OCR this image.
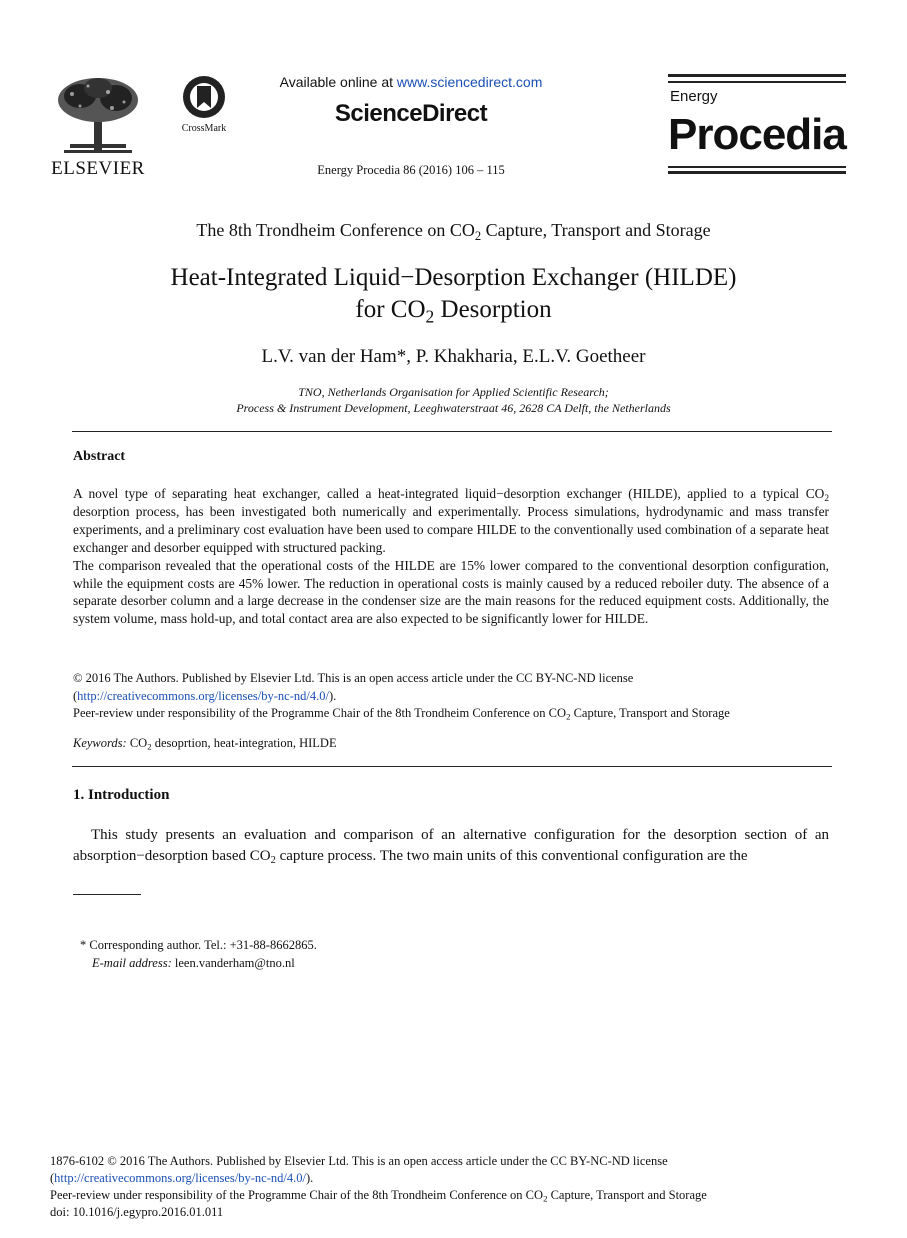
ELSEVIER
CrossMark
Available online at www.sciencedirect.com
ScienceDirect
Energy Procedia 86 (2016) 106 – 115
Energy
Procedia
The 8th Trondheim Conference on $CO_2$ Capture, Transport and Storage
Heat-Integrated Liquid−Desorption Exchanger (HILDE)
for $CO_2$ Desorption
L.V. van der Ham*, P. Khakharia, E.L.V. Goetheer
TNO, Netherlands Organisation for Applied Scientific Research;
Process & Instrument Development, Leeghwaterstraat 46, 2628 CA Delft, the Netherlands
Abstract

A novel type of separating heat exchanger, called a heat-integrated liquid−desorption exchanger (HILDE), applied to a typical $CO_2$ desorption process, has been investigated both numerically and experimentally. Process simulations, hydrodynamic and mass transfer experiments, and a preliminary cost evaluation have been used to compare HILDE to the conventionally used combination of a separate heat exchanger and desorber equipped with structured packing.

The comparison revealed that the operational costs of the HILDE are 15% lower compared to the conventional desorption configuration, while the equipment costs are 45% lower. The reduction in operational costs is mainly caused by a reduced reboiler duty. The absence of a separate desorber column and a large decrease in the condenser size are the main reasons for the reduced equipment costs. Additionally, the system volume, mass hold-up, and total contact area are also expected to be significantly lower for HILDE.

© 2016 The Authors. Published by Elsevier Ltd. This is an open access article under the CC BY-NC-ND license
(http://creativecommons.org/licenses/by-nc-nd/4.0/).
Peer-review under responsibility of the Programme Chair of the 8th Trondheim Conference on $CO_2$ Capture, Transport and Storage
Keywords: $CO_2$ desoprtion, heat-integration, HILDE
1. Introduction

This study presents an evaluation and comparison of an alternative configuration for the desorption section of an absorption−desorption based $CO_2$ capture process. The two main units of this conventional configuration are the

* Corresponding author. Tel.: +31-88-8662865.
E-mail address: leen.vanderham@tno.nl
1876-6102 © 2016 The Authors. Published by Elsevier Ltd. This is an open access article under the CC BY-NC-ND license
(http://creativecommons.org/licenses/by-nc-nd/4.0/).
Peer-review under responsibility of the Programme Chair of the 8th Trondheim Conference on $CO_2$ Capture, Transport and Storage
doi: 10.1016/j.egypro.2016.01.011
